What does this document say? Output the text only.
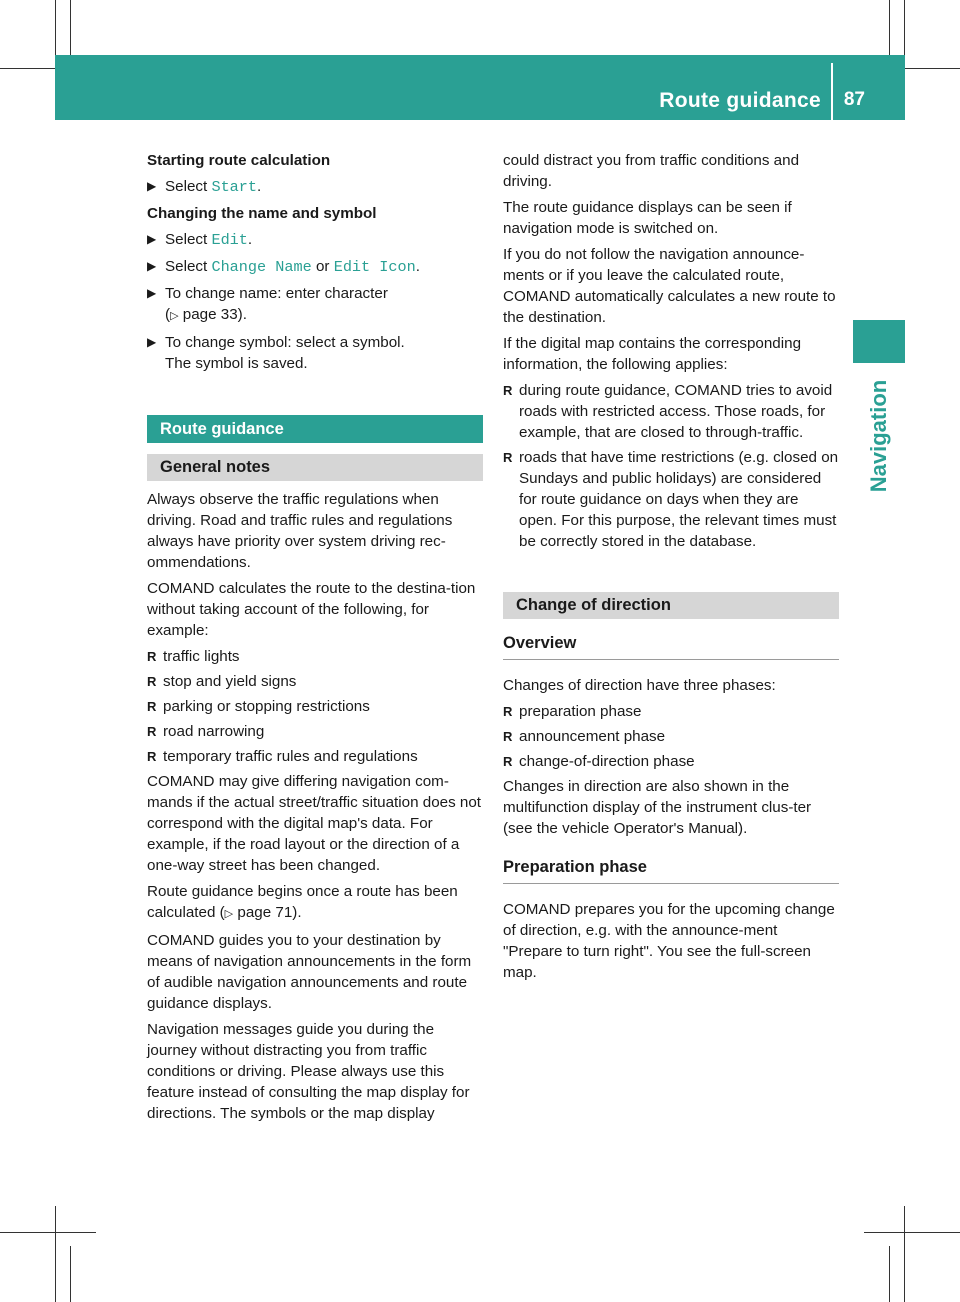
Route guidance 87
Navigation
Starting route calculation
▶ Select Start.
Changing the name and symbol
▶ Select Edit.
▶ Select Change Name or Edit Icon.
▶ To change name: enter character
(▷ page 33).
▶ To change symbol: select a symbol.
The symbol is saved.
Route guidance
General notes
Always observe the traffic regulations when driving. Road and traffic rules and regulations always have priority over system driving rec-ommendations.
COMAND calculates the route to the destina-tion without taking account of the following, for example:
R traffic lights
R stop and yield signs
R parking or stopping restrictions
R road narrowing
R temporary traffic rules and regulations
COMAND may give differing navigation com-mands if the actual street/traffic situation does not correspond with the digital map's data. For example, if the road layout or the direction of a one-way street has been changed.
Route guidance begins once a route has been calculated (▷ page 71).
COMAND guides you to your destination by means of navigation announcements in the form of audible navigation announcements and route guidance displays.
Navigation messages guide you during the journey without distracting you from traffic conditions or driving. Please always use this feature instead of consulting the map display for directions. The symbols or the map display
could distract you from traffic conditions and driving.
The route guidance displays can be seen if navigation mode is switched on.
If you do not follow the navigation announce-ments or if you leave the calculated route, COMAND automatically calculates a new route to the destination.
If the digital map contains the corresponding information, the following applies:
R during route guidance, COMAND tries to avoid roads with restricted access. Those roads, for example, that are closed to through-traffic.
R roads that have time restrictions (e.g. closed on Sundays and public holidays) are considered for route guidance on days when they are open. For this purpose, the relevant times must be correctly stored in the database.
Change of direction
Overview
Changes of direction have three phases:
R preparation phase
R announcement phase
R change-of-direction phase
Changes in direction are also shown in the multifunction display of the instrument clus-ter (see the vehicle Operator's Manual).
Preparation phase
COMAND prepares you for the upcoming change of direction, e.g. with the announce-ment "Prepare to turn right". You see the full-screen map.
